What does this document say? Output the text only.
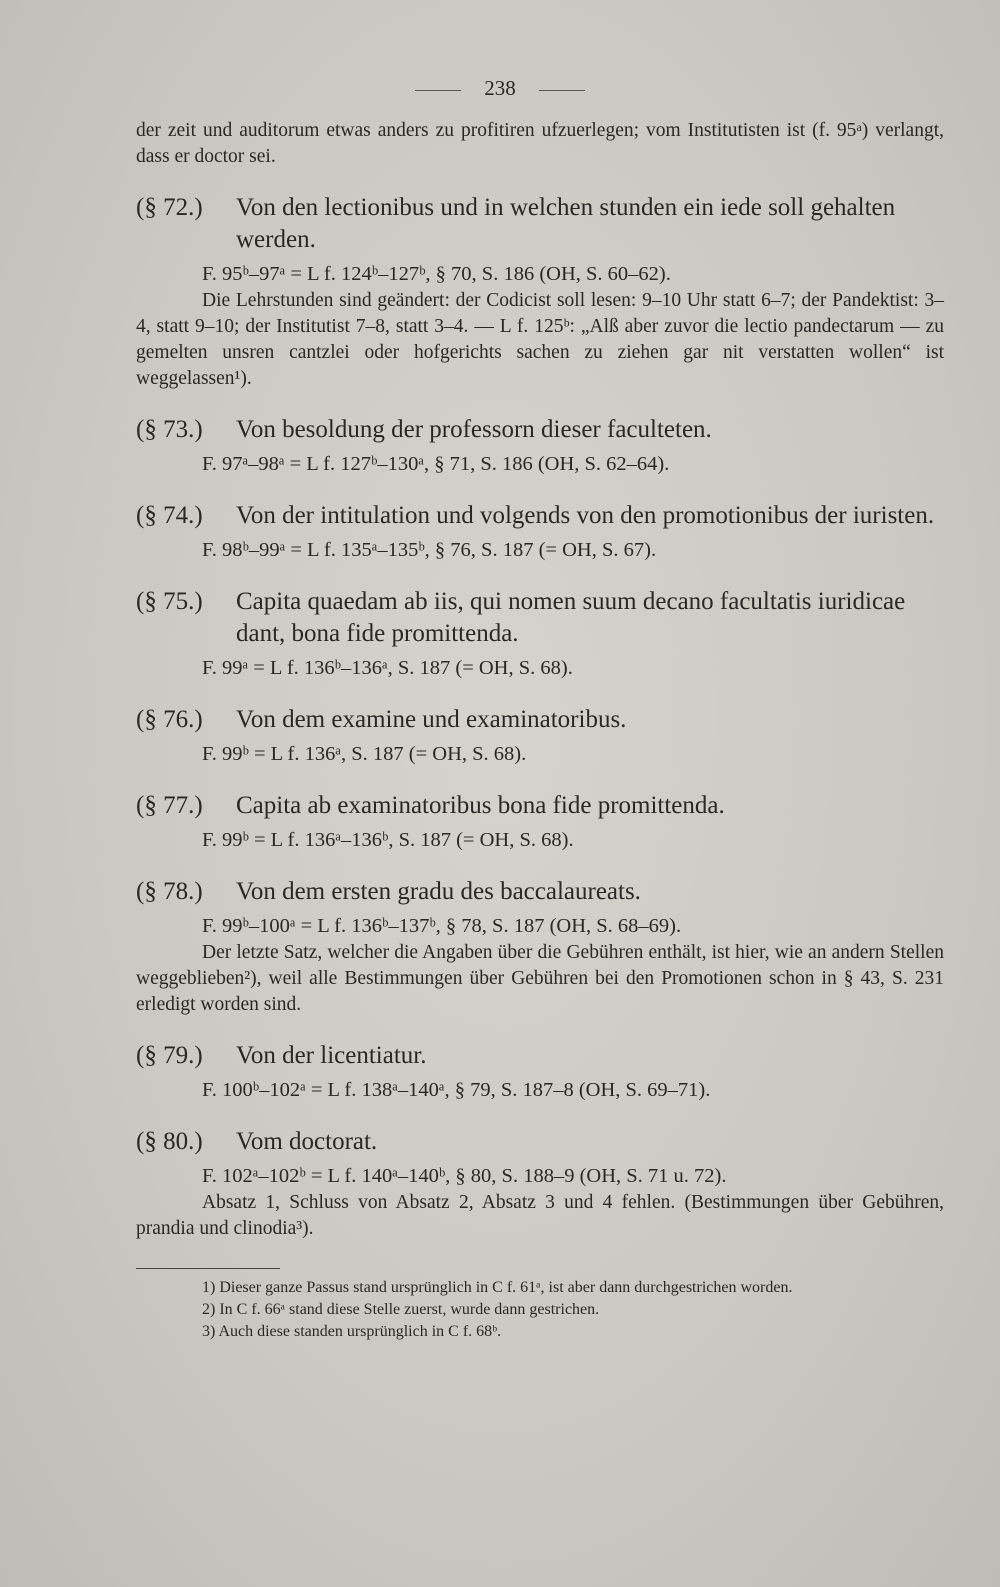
238

der zeit und auditorum etwas anders zu profitiren ufzuerlegen; vom Institutisten ist (f. 95$^a$) verlangt, dass er doctor sei.

(§ 72.)	Von den lectionibus und in welchen stunden ein iede soll gehalten werden.

F. 95ᵇ–97ᵃ = L f. 124ᵇ–127ᵇ, § 70, S. 186 (OH, S. 60–62).

Die Lehrstunden sind geändert: der Codicist soll lesen: 9–10 Uhr statt 6–7; der Pandektist: 3–4, statt 9–10; der Institutist 7–8, statt 3–4. — L f. 125ᵇ: „Alß aber zuvor die lectio pandectarum — zu gemelten unsren cantzlei oder hofgerichts sachen zu ziehen gar nit verstatten wollen“ ist weggelassen¹).

(§ 73.)	Von besoldung der professorn dieser faculteten.

F. 97ᵃ–98ᵃ = L f. 127ᵇ–130ᵃ, § 71, S. 186 (OH, S. 62–64).

(§ 74.)	Von der intitulation und volgends von den promotionibus der iuristen.

F. 98ᵇ–99ᵃ = L f. 135ᵃ–135ᵇ, § 76, S. 187 (= OH, S. 67).

(§ 75.)	Capita quaedam ab iis, qui nomen suum decano facultatis iuridicae dant, bona fide promittenda.

F. 99ᵃ = L f. 136ᵇ–136ᵃ, S. 187 (= OH, S. 68).

(§ 76.)	Von dem examine und examinatoribus.

F. 99ᵇ = L f. 136ᵃ, S. 187 (= OH, S. 68).

(§ 77.)	Capita ab examinatoribus bona fide promittenda.

F. 99ᵇ = L f. 136ᵃ–136ᵇ, S. 187 (= OH, S. 68).

(§ 78.)	Von dem ersten gradu des baccalaureats.

F. 99ᵇ–100ᵃ = L f. 136ᵇ–137ᵇ, § 78, S. 187 (OH, S. 68–69).

Der letzte Satz, welcher die Angaben über die Gebühren enthält, ist hier, wie an andern Stellen weggeblieben²), weil alle Bestimmungen über Gebühren bei den Promotionen schon in § 43, S. 231 erledigt worden sind.

(§ 79.)	Von der licentiatur.

F. 100ᵇ–102ᵃ = L f. 138ᵃ–140ᵃ, § 79, S. 187–8 (OH, S. 69–71).

(§ 80.)	Vom doctorat.

F. 102ᵃ–102ᵇ = L f. 140ᵃ–140ᵇ, § 80, S. 188–9 (OH, S. 71 u. 72).

Absatz 1, Schluss von Absatz 2, Absatz 3 und 4 fehlen. (Bestimmungen über Gebühren, prandia und clinodia³).

1) Dieser ganze Passus stand ursprünglich in C f. 61ᵃ, ist aber dann durchgestrichen worden.

2) In C f. 66ᵃ stand diese Stelle zuerst, wurde dann gestrichen.

3) Auch diese standen ursprünglich in C f. 68ᵇ.
